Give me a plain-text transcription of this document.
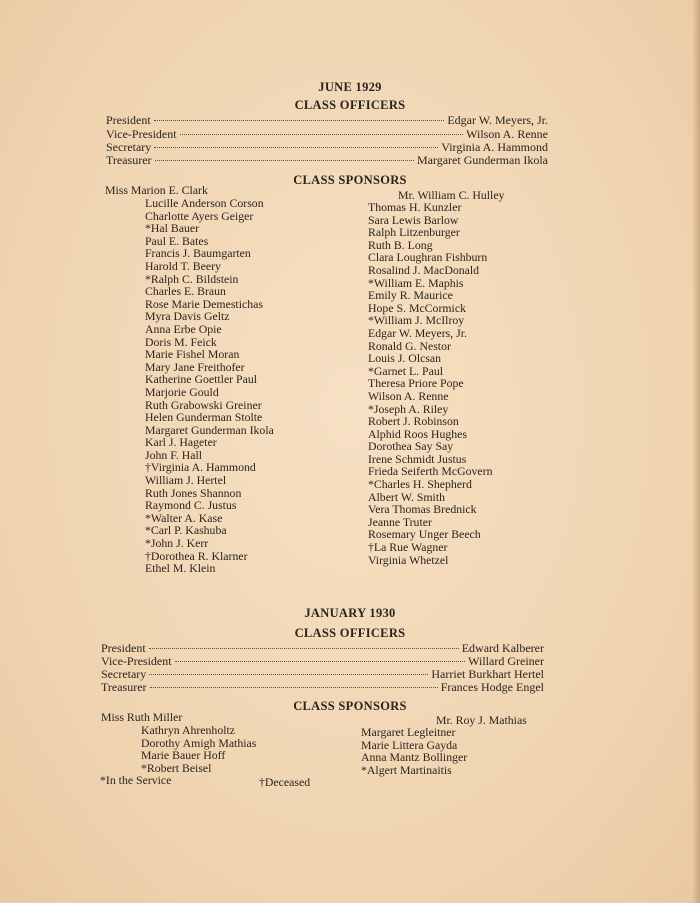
JUNE 1929
CLASS OFFICERS
President	Edgar W. Meyers, Jr.
Vice-President	Wilson A. Renne
Secretary	Virginia A. Hammond
Treasurer	Margaret Gunderman Ikola
CLASS SPONSORS
Miss Marion E. Clark
Lucille Anderson Corson
Charlotte Ayers Geiger
*Hal Bauer
Paul E. Bates
Francis J. Baumgarten
Harold T. Beery
*Ralph C. Bildstein
Charles E. Braun
Rose Marie Demestichas
Myra Davis Geltz
Anna Erbe Opie
Doris M. Feick
Marie Fishel Moran
Mary Jane Freithofer
Katherine Goettler Paul
Marjorie Gould
Ruth Grabowski Greiner
Helen Gunderman Stolte
Margaret Gunderman Ikola
Karl J. Hageter
John F. Hall
†Virginia A. Hammond
William J. Hertel
Ruth Jones Shannon
Raymond C. Justus
*Walter A. Kase
*Carl P. Kashuba
*John J. Kerr
†Dorothea R. Klarner
Ethel M. Klein
Mr. William C. Hulley
Thomas H. Kunzler
Sara Lewis Barlow
Ralph Litzenburger
Ruth B. Long
Clara Loughran Fishburn
Rosalind J. MacDonald
*William E. Maphis
Emily R. Maurice
Hope S. McCormick
*William J. McIlroy
Edgar W. Meyers, Jr.
Ronald G. Nestor
Louis J. Olcsan
*Garnet L. Paul
Theresa Priore Pope
Wilson A. Renne
*Joseph A. Riley
Robert J. Robinson
Alphid Roos Hughes
Dorothea Say Say
Irene Schmidt Justus
Frieda Seiferth McGovern
*Charles H. Shepherd
Albert W. Smith
Vera Thomas Brednick
Jeanne Truter
Rosemary Unger Beech
†La Rue Wagner
Virginia Whetzel
JANUARY 1930
CLASS OFFICERS
President	Edward Kalberer
Vice-President	Willard Greiner
Secretary	Harriet Burkhart Hertel
Treasurer	Frances Hodge Engel
CLASS SPONSORS
Miss Ruth Miller
Kathryn Ahrenholtz
Dorothy Amigh Mathias
Marie Bauer Hoff
*Robert Beisel
Mr. Roy J. Mathias
Margaret Legleitner
Marie Littera Gayda
Anna Mantz Bollinger
*Algert Martinaitis
*In the Service	†Deceased
